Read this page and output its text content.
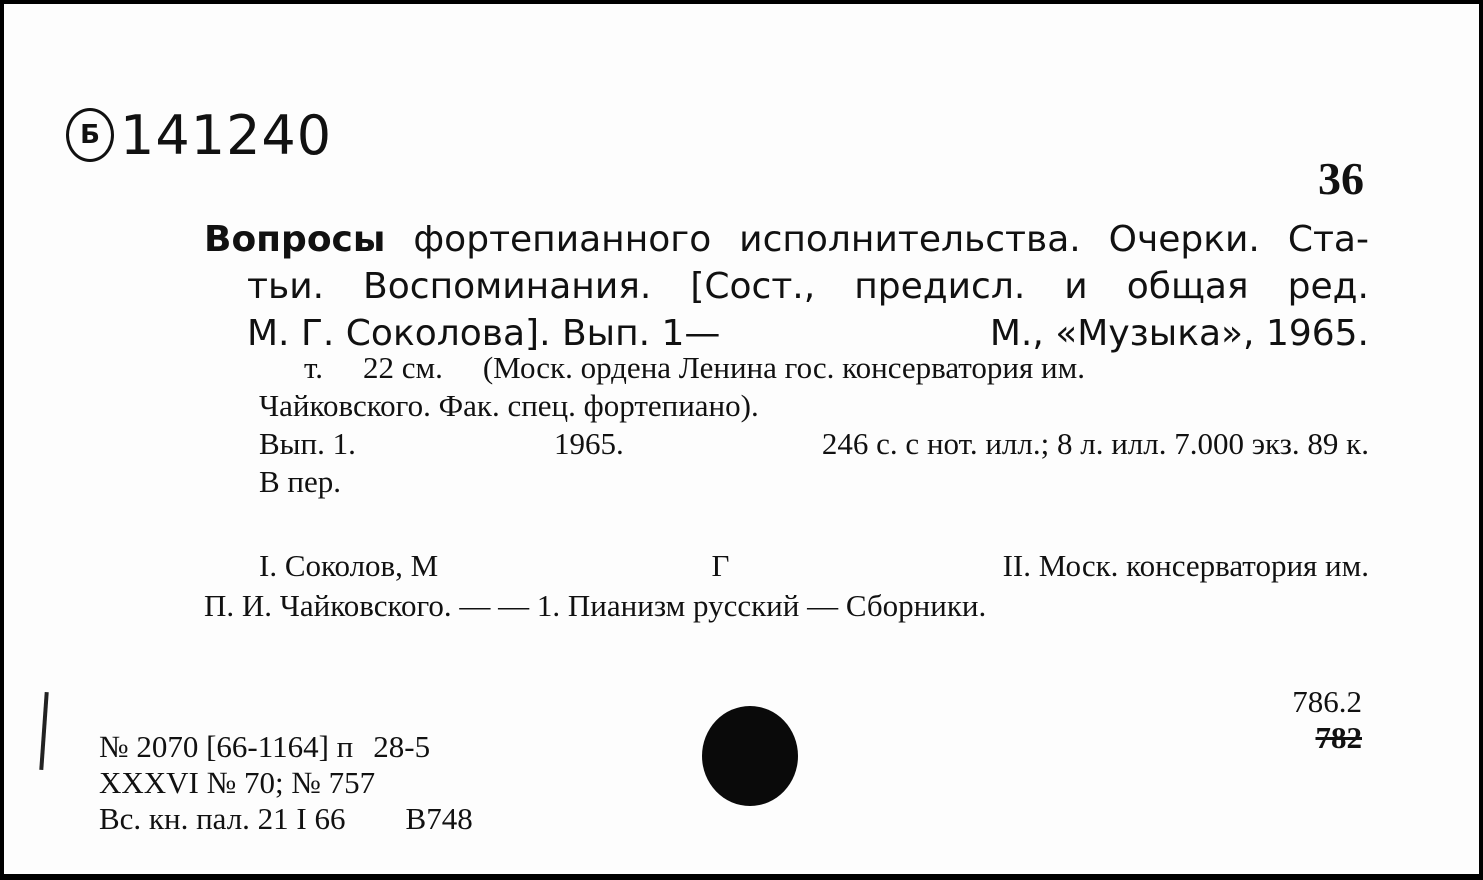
Б 141240
36
Вопросы фортепианного исполнительства. Очерки. Ста-
тьи. Воспоминания. [Сост., предисл. и общая ред.
М. Г. Соколова]. Вып. 1—	М., «Музыка», 1965.
т. 22 см. (Моск. ордена Ленина гос. консерватория им.
Чайковского. Фак. спец. фортепиано).
Вып. 1.	1965.	246 с. с нот. илл.; 8 л. илл. 7.000 экз. 89 к.
В пер.
I. Соколов, М	Г	II. Моск. консерватория им.
П. И. Чайковского. — — 1. Пианизм русский — Сборники.
№ 2070 [66-1164] п 28-5
XXXVI № 70; № 757
Вс. кн. пал. 21 I 66 В748
786.2
782
